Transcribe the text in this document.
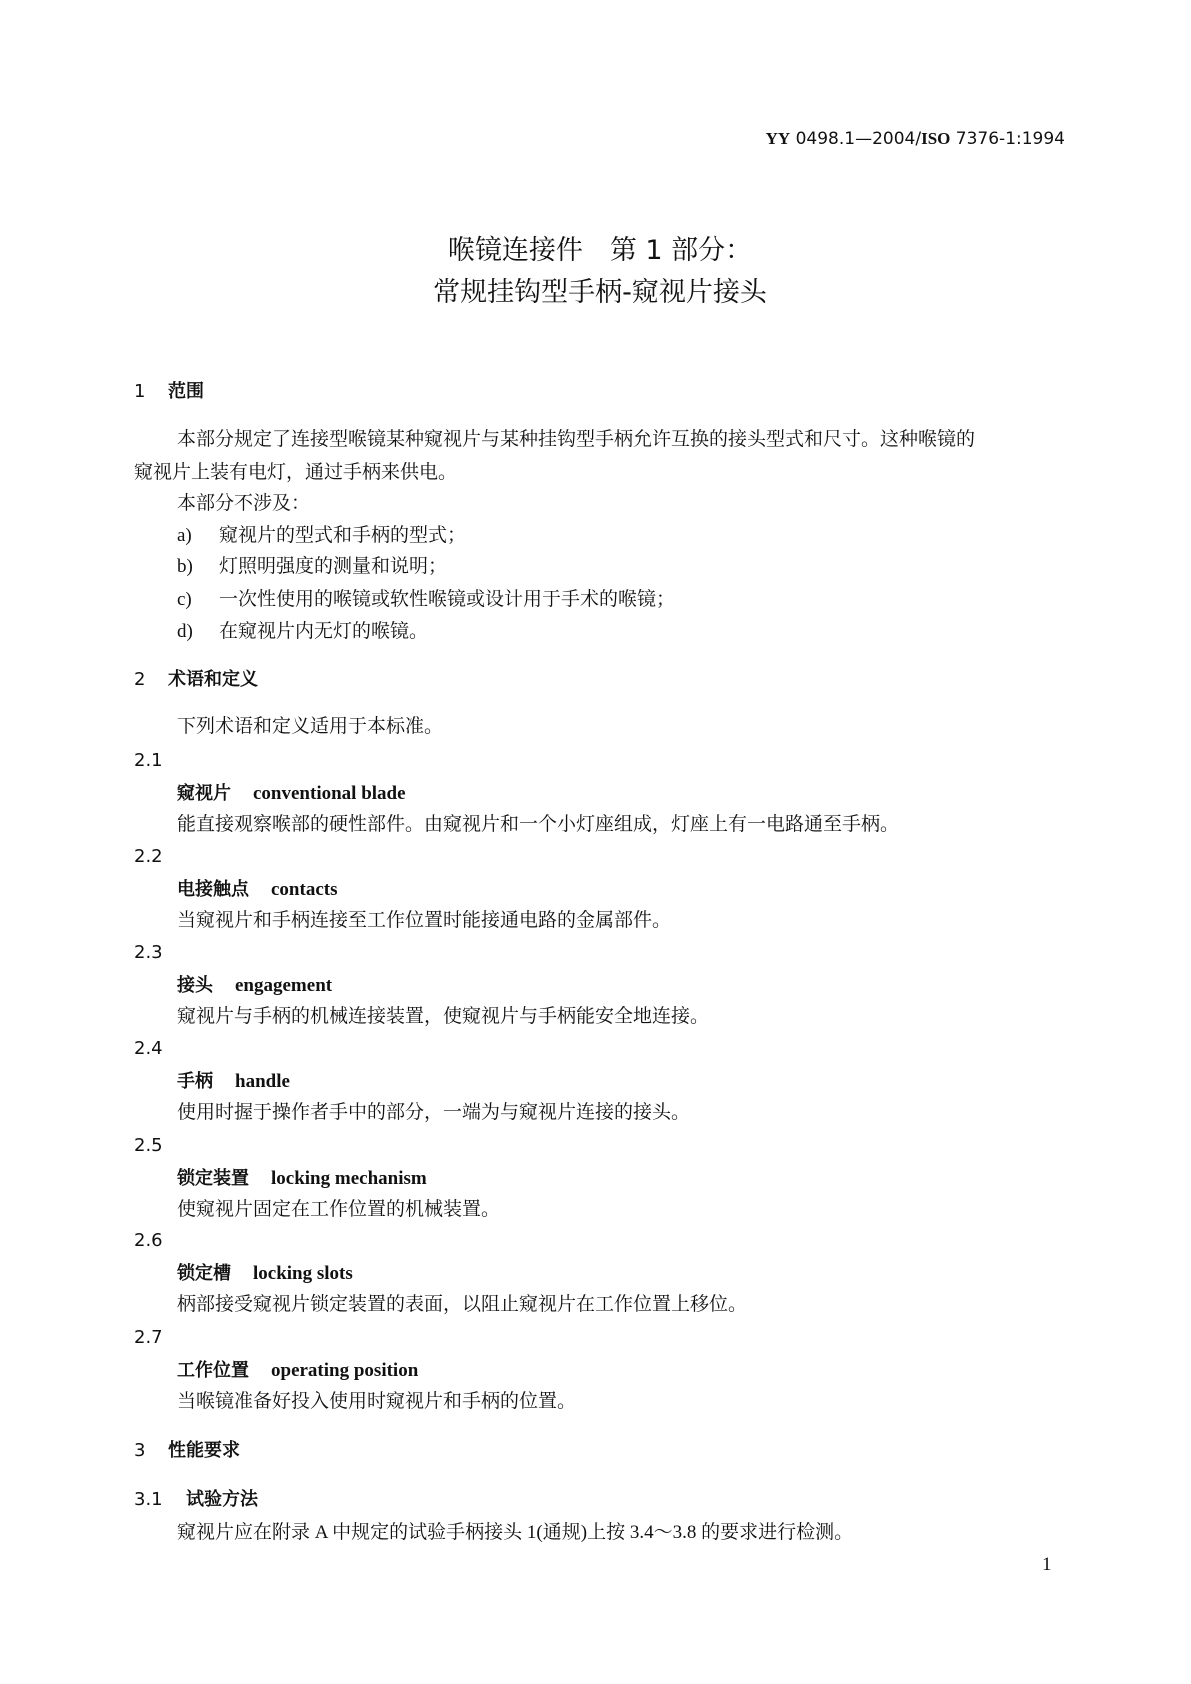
YY 0498.1—2004/ISO 7376-1:1994
喉镜连接件　第 1 部分：
常规挂钩型手柄-窥视片接头
1 范围
本部分规定了连接型喉镜某种窥视片与某种挂钩型手柄允许互换的接头型式和尺寸。这种喉镜的
窥视片上装有电灯，通过手柄来供电。
本部分不涉及：
a) 窥视片的型式和手柄的型式；
b) 灯照明强度的测量和说明；
c) 一次性使用的喉镜或软性喉镜或设计用于手术的喉镜；
d) 在窥视片内无灯的喉镜。
2 术语和定义
下列术语和定义适用于本标准。
2.1
窥视片 conventional blade
能直接观察喉部的硬性部件。由窥视片和一个小灯座组成，灯座上有一电路通至手柄。
2.2
电接触点 contacts
当窥视片和手柄连接至工作位置时能接通电路的金属部件。
2.3
接头 engagement
窥视片与手柄的机械连接装置，使窥视片与手柄能安全地连接。
2.4
手柄 handle
使用时握于操作者手中的部分，一端为与窥视片连接的接头。
2.5
锁定装置 locking mechanism
使窥视片固定在工作位置的机械装置。
2.6
锁定槽 locking slots
柄部接受窥视片锁定装置的表面，以阻止窥视片在工作位置上移位。
2.7
工作位置 operating position
当喉镜准备好投入使用时窥视片和手柄的位置。
3 性能要求
3.1 试验方法
窥视片应在附录 A 中规定的试验手柄接头 1(通规)上按 3.4～3.8 的要求进行检测。
1
